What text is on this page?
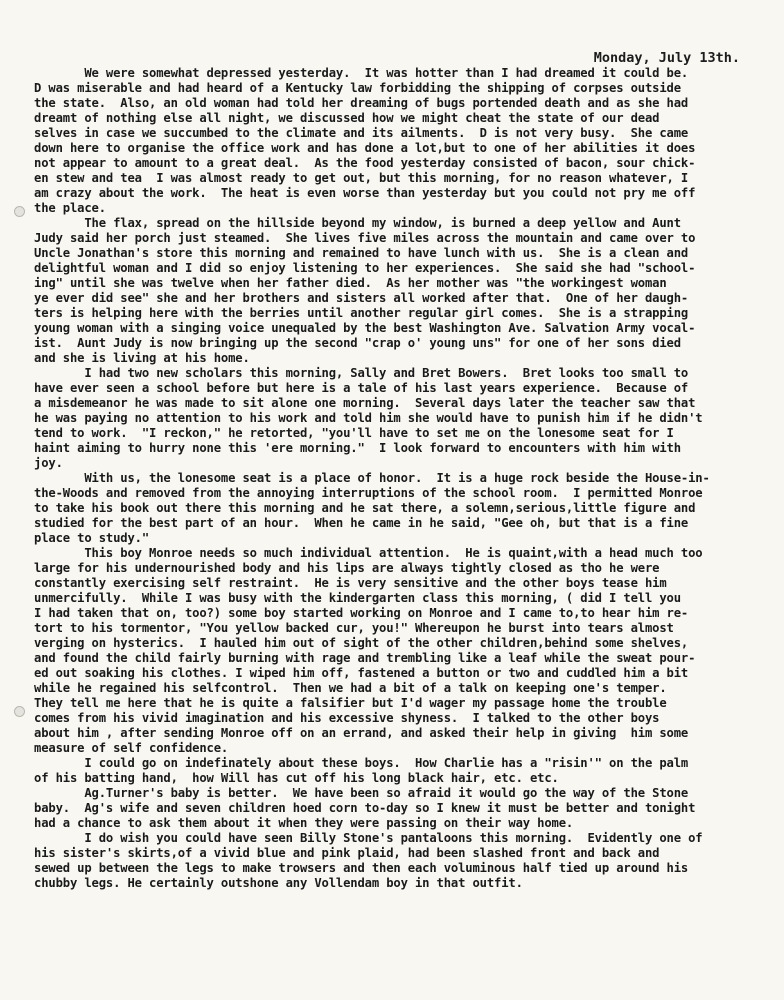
Monday, July 13th.
We were somewhat depressed yesterday.  It was hotter than I had dreamed it could be.
D was miserable and had heard of a Kentucky law forbidding the shipping of corpses outside
the state.  Also, an old woman had told her dreaming of bugs portended death and as she had
dreamt of nothing else all night, we discussed how we might cheat the state of our dead
selves in case we succumbed to the climate and its ailments.  D is not very busy.  She came
down here to organise the office work and has done a lot,but to one of her abilities it does
not appear to amount to a great deal.  As the food yesterday consisted of bacon, sour chick-
en stew and tea  I was almost ready to get out, but this morning, for no reason whatever, I
am crazy about the work.  The heat is even worse than yesterday but you could not pry me off
the place.
The flax, spread on the hillside beyond my window, is burned a deep yellow and Aunt
Judy said her porch just steamed.  She lives five miles across the mountain and came over to
Uncle Jonathan's store this morning and remained to have lunch with us.  She is a clean and
delightful woman and I did so enjoy listening to her experiences.  She said she had "school-
ing" until she was twelve when her father died.  As her mother was "the workingest woman
ye ever did see" she and her brothers and sisters all worked after that.  One of her daugh-
ters is helping here with the berries until another regular girl comes.  She is a strapping
young woman with a singing voice unequaled by the best Washington Ave. Salvation Army vocal-
ist.  Aunt Judy is now bringing up the second "crap o' young uns" for one of her sons died
and she is living at his home.
I had two new scholars this morning, Sally and Bret Bowers.  Bret looks too small to
have ever seen a school before but here is a tale of his last years experience.  Because of
a misdemeanor he was made to sit alone one morning.  Several days later the teacher saw that
he was paying no attention to his work and told him she would have to punish him if he didn't
tend to work.  "I reckon," he retorted, "you'll have to set me on the lonesome seat for I
haint aiming to hurry none this 'ere morning."  I look forward to encounters with him with
joy.
With us, the lonesome seat is a place of honor.  It is a huge rock beside the House-in-
the-Woods and removed from the annoying interruptions of the school room.  I permitted Monroe
to take his book out there this morning and he sat there, a solemn,serious,little figure and
studied for the best part of an hour.  When he came in he said, "Gee oh, but that is a fine
place to study."
This boy Monroe needs so much individual attention.  He is quaint,with a head much too
large for his undernourished body and his lips are always tightly closed as tho he were
constantly exercising self restraint.  He is very sensitive and the other boys tease him
unmercifully.  While I was busy with the kindergarten class this morning, ( did I tell you
I had taken that on, too?) some boy started working on Monroe and I came to,to hear him re-
tort to his tormentor, "You yellow backed cur, you!" Whereupon he burst into tears almost
verging on hysterics.  I hauled him out of sight of the other children,behind some shelves,
and found the child fairly burning with rage and trembling like a leaf while the sweat pour-
ed out soaking his clothes. I wiped him off, fastened a button or two and cuddled him a bit
while he regained his selfcontrol.  Then we had a bit of a talk on keeping one's temper.
They tell me here that he is quite a falsifier but I'd wager my passage home the trouble
comes from his vivid imagination and his excessive shyness.  I talked to the other boys
about him , after sending Monroe off on an errand, and asked their help in giving  him some
measure of self confidence.
I could go on indefinately about these boys.  How Charlie has a "risin'" on the palm
of his batting hand,  how Will has cut off his long black hair, etc. etc.
Ag.Turner's baby is better.  We have been so afraid it would go the way of the Stone
baby.  Ag's wife and seven children hoed corn to-day so I knew it must be better and tonight
had a chance to ask them about it when they were passing on their way home.
I do wish you could have seen Billy Stone's pantaloons this morning.  Evidently one of
his sister's skirts,of a vivid blue and pink plaid, had been slashed front and back and
sewed up between the legs to make trowsers and then each voluminous half tied up around his
chubby legs. He certainly outshone any Vollendam boy in that outfit.
